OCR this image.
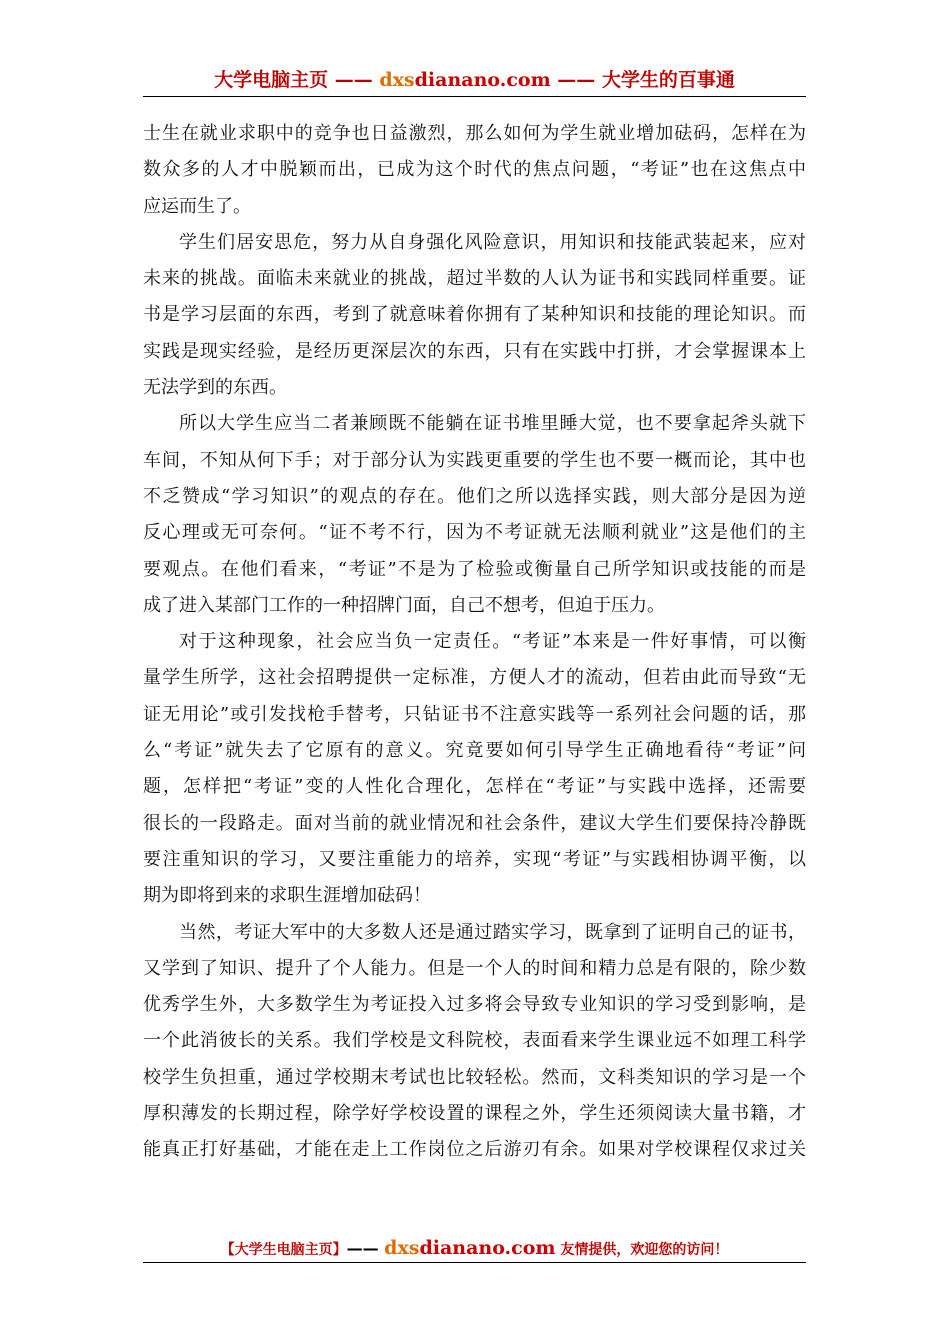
大学电脑主页 —— dxsdianano.com —— 大学生的百事通
士生在就业求职中的竞争也日益激烈，那么如何为学生就业增加砝码，怎样在为
数众多的人才中脱颖而出，已成为这个时代的焦点问题，“考证”也在这焦点中
应运而生了。
学生们居安思危，努力从自身强化风险意识，用知识和技能武装起来，应对
未来的挑战。面临未来就业的挑战，超过半数的人认为证书和实践同样重要。证
书是学习层面的东西，考到了就意味着你拥有了某种知识和技能的理论知识。而
实践是现实经验，是经历更深层次的东西，只有在实践中打拼，才会掌握课本上
无法学到的东西。
所以大学生应当二者兼顾既不能躺在证书堆里睡大觉，也不要拿起斧头就下
车间，不知从何下手；对于部分认为实践更重要的学生也不要一概而论，其中也
不乏赞成“学习知识”的观点的存在。他们之所以选择实践，则大部分是因为逆
反心理或无可奈何。“证不考不行，因为不考证就无法顺利就业”这是他们的主
要观点。在他们看来，“考证”不是为了检验或衡量自己所学知识或技能的而是
成了进入某部门工作的一种招牌门面，自己不想考，但迫于压力。
对于这种现象，社会应当负一定责任。“考证”本来是一件好事情，可以衡
量学生所学，这社会招聘提供一定标准，方便人才的流动，但若由此而导致“无
证无用论”或引发找枪手替考，只钻证书不注意实践等一系列社会问题的话，那
么“考证”就失去了它原有的意义。究竟要如何引导学生正确地看待“考证”问
题，怎样把“考证”变的人性化合理化，怎样在“考证”与实践中选择，还需要
很长的一段路走。面对当前的就业情况和社会条件，建议大学生们要保持冷静既
要注重知识的学习，又要注重能力的培养，实现“考证”与实践相协调平衡，以
期为即将到来的求职生涯增加砝码！
当然，考证大军中的大多数人还是通过踏实学习，既拿到了证明自己的证书，
又学到了知识、提升了个人能力。但是一个人的时间和精力总是有限的，除少数
优秀学生外，大多数学生为考证投入过多将会导致专业知识的学习受到影响，是
一个此消彼长的关系。我们学校是文科院校，表面看来学生课业远不如理工科学
校学生负担重，通过学校期末考试也比较轻松。然而，文科类知识的学习是一个
厚积薄发的长期过程，除学好学校设置的课程之外，学生还须阅读大量书籍，才
能真正打好基础，才能在走上工作岗位之后游刃有余。如果对学校课程仅求过关
【大学生电脑主页】—— dxsdianano.com 友情提供，欢迎您的访问！
